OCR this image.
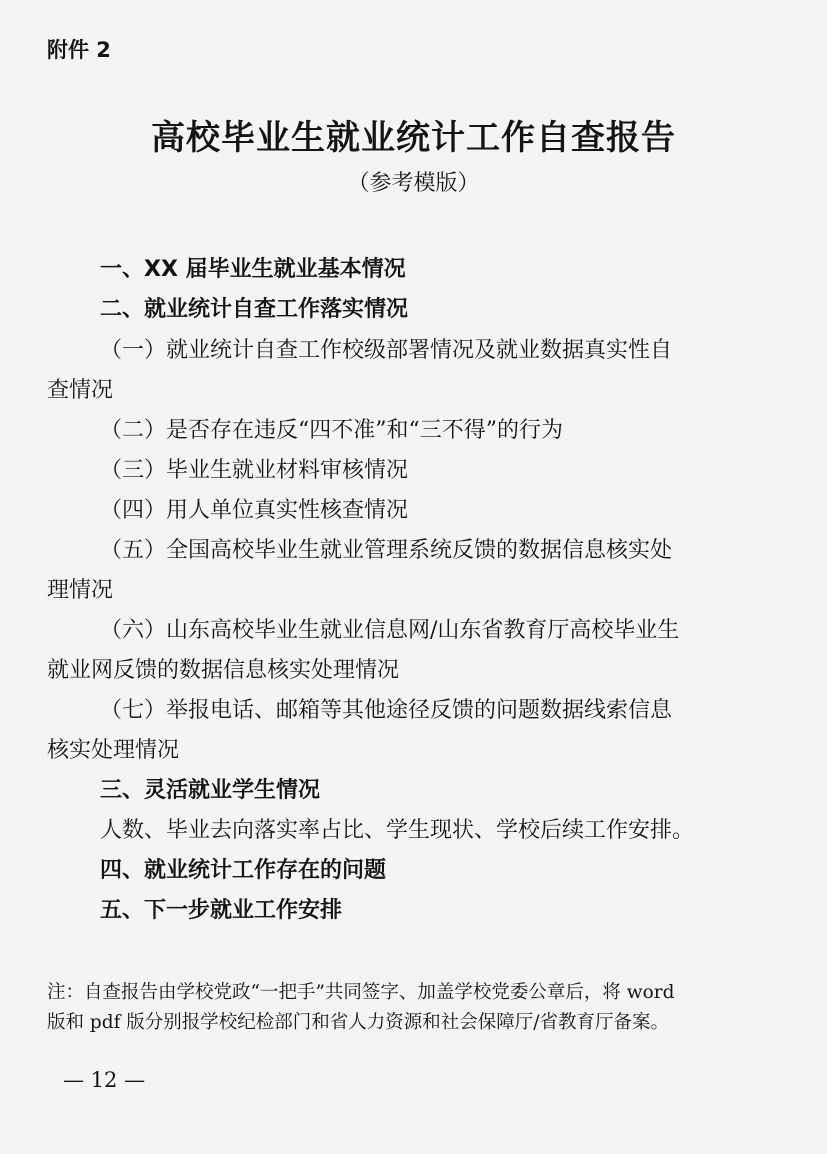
附件 2
高校毕业生就业统计工作自查报告
（参考模版）
一、XX 届毕业生就业基本情况
二、就业统计自查工作落实情况
（一）就业统计自查工作校级部署情况及就业数据真实性自
查情况
（二）是否存在违反“四不准”和“三不得”的行为
（三）毕业生就业材料审核情况
（四）用人单位真实性核查情况
（五）全国高校毕业生就业管理系统反馈的数据信息核实处
理情况
（六）山东高校毕业生就业信息网/山东省教育厅高校毕业生
就业网反馈的数据信息核实处理情况
（七）举报电话、邮箱等其他途径反馈的问题数据线索信息
核实处理情况
三、灵活就业学生情况
人数、毕业去向落实率占比、学生现状、学校后续工作安排。
四、就业统计工作存在的问题
五、下一步就业工作安排
注：自查报告由学校党政“一把手”共同签字、加盖学校党委公章后，将 word
版和 pdf 版分别报学校纪检部门和省人力资源和社会保障厅/省教育厅备案。
— 12 —
